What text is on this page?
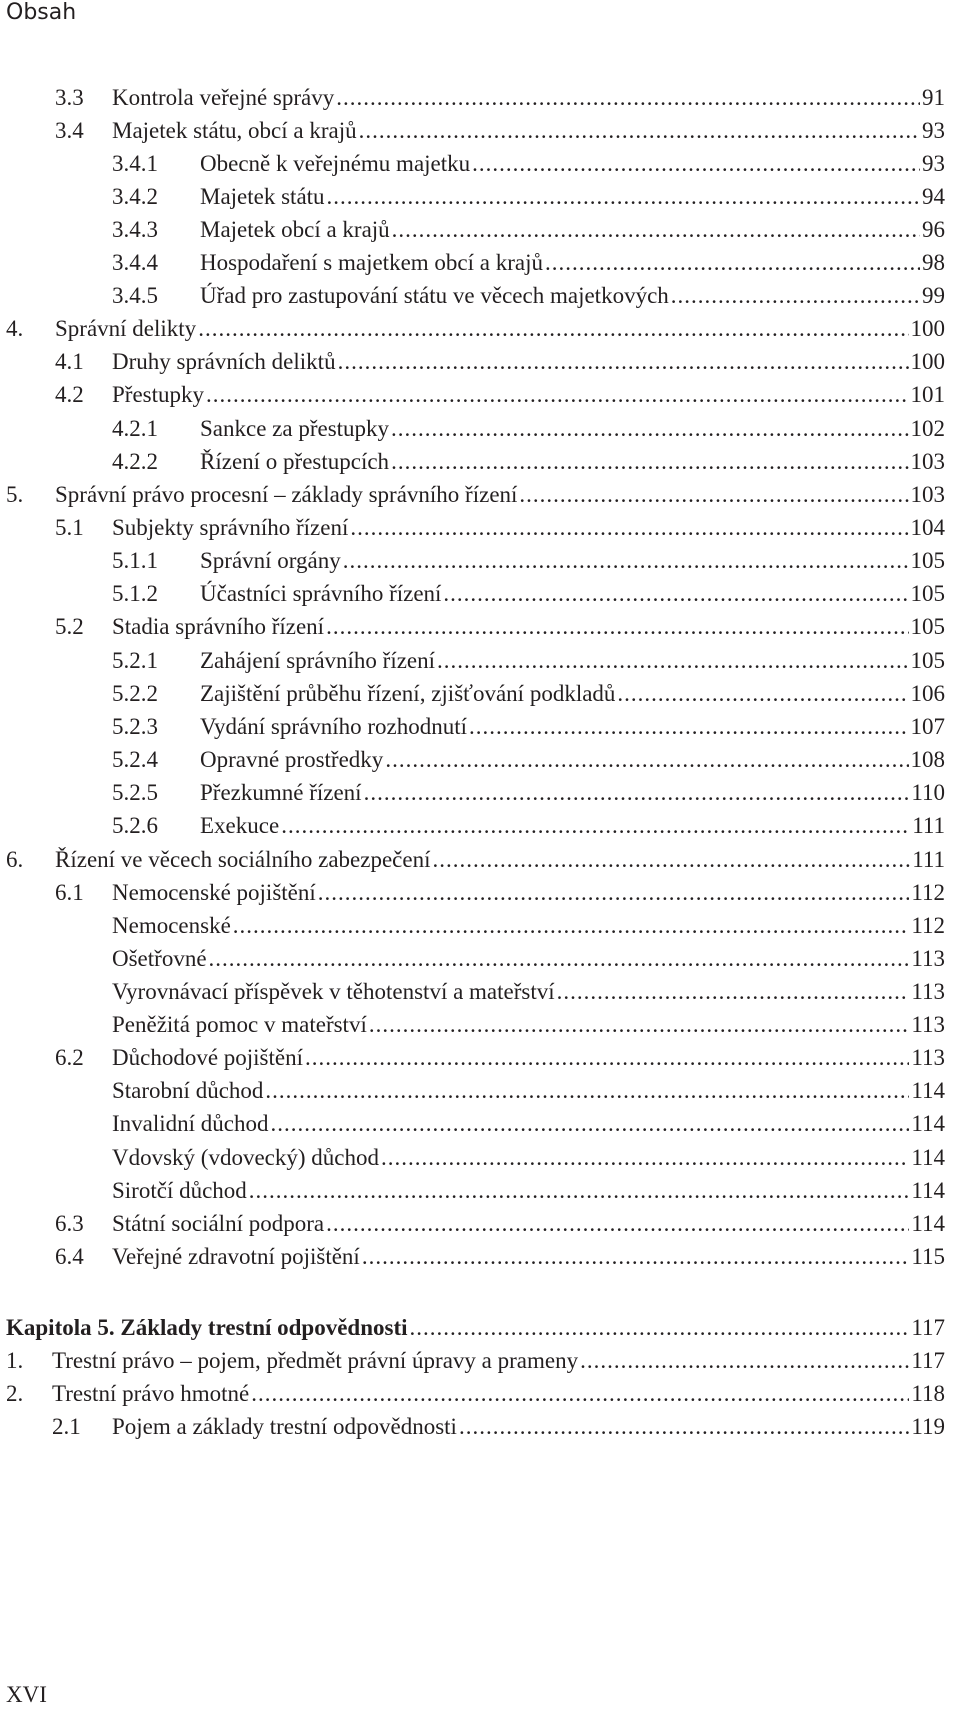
Obsah
3.3 Kontrola veřejné správy .....	91
3.4 Majetek státu, obcí a krajů .....	93
3.4.1 Obecně k veřejnému majetku .....	93
3.4.2 Majetek státu .....	94
3.4.3 Majetek obcí a krajů .....	96
3.4.4 Hospodaření s majetkem obcí a krajů .....	98
3.4.5 Úřad pro zastupování státu ve věcech majetkových .....	99
4. Správní delikty .....	100
4.1 Druhy správních deliktů .....	100
4.2 Přestupky .....	101
4.2.1 Sankce za přestupky .....	102
4.2.2 Řízení o přestupcích .....	103
5. Správní právo procesní – základy správního řízení .....	103
5.1 Subjekty správního řízení .....	104
5.1.1 Správní orgány .....	105
5.1.2 Účastníci správního řízení .....	105
5.2 Stadia správního řízení .....	105
5.2.1 Zahájení správního řízení .....	105
5.2.2 Zajištění průběhu řízení, zjišťování podkladů .....	106
5.2.3 Vydání správního rozhodnutí .....	107
5.2.4 Opravné prostředky .....	108
5.2.5 Přezkumné řízení .....	110
5.2.6 Exekuce .....	111
6. Řízení ve věcech sociálního zabezpečení .....	111
6.1 Nemocenské pojištění .....	112
Nemocenské .....	112
Ošetřovné .....	113
Vyrovnávací příspěvek v těhotenství a mateřství .....	113
Peněžitá pomoc v mateřství .....	113
6.2 Důchodové pojištění .....	113
Starobní důchod .....	114
Invalidní důchod .....	114
Vdovský (vdovecký) důchod .....	114
Sirotčí důchod .....	114
6.3 Státní sociální podpora .....	114
6.4 Veřejné zdravotní pojištění .....	115
Kapitola 5. Základy trestní odpovědnosti .....	117
1. Trestní právo – pojem, předmět právní úpravy a prameny .....	117
2. Trestní právo hmotné .....	118
2.1 Pojem a základy trestní odpovědnosti .....	119
XVI
